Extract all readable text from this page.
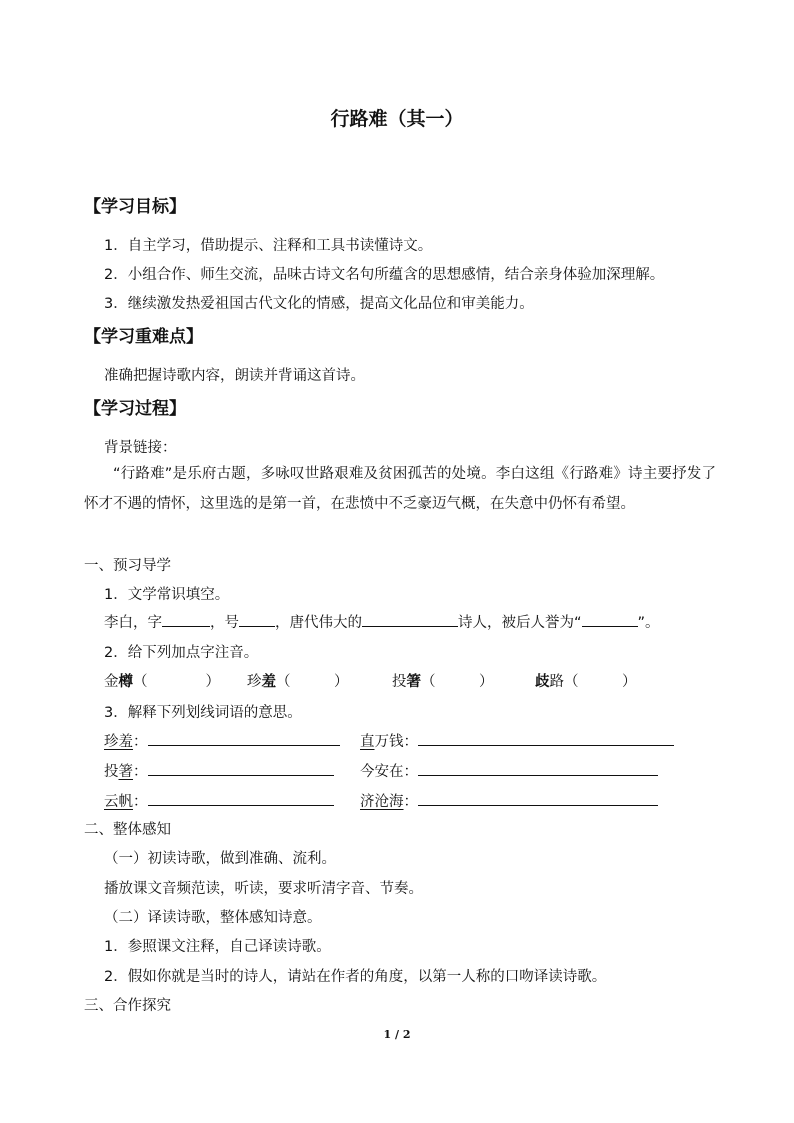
行路难（其一）
【学习目标】
1．自主学习，借助提示、注释和工具书读懂诗文。
2．小组合作、师生交流，品味古诗文名句所蕴含的思想感情，结合亲身体验加深理解。
3．继续激发热爱祖国古代文化的情感，提高文化品位和审美能力。
【学习重难点】
准确把握诗歌内容，朗读并背诵这首诗。
【学习过程】
背景链接：
“行路难”是乐府古题，多咏叹世路艰难及贫困孤苦的处境。李白这组《行路难》诗主要抒发了怀才不遇的情怀，这里选的是第一首，在悲愤中不乏豪迈气概，在失意中仍怀有希望。
一、预习导学
1．文学常识填空。
李白，字	，号 ，唐代伟大的	诗人，被后人誉为“	”。
2．给下列加点字注音。
金樽（　　　　） 珍羞（　　　）	投箸（　　　）	歧路（　　　）
3．解释下列划线词语的意思。
珍羞：	直万钱：
投箸：	今安在：
云帆：	济沧海：
二、整体感知
（一）初读诗歌，做到准确、流利。
播放课文音频范读，听读，要求听清字音、节奏。
（二）译读诗歌，整体感知诗意。
1．参照课文注释，自己译读诗歌。
2．假如你就是当时的诗人，请站在作者的角度，以第一人称的口吻译读诗歌。
三、合作探究
1 / 2
